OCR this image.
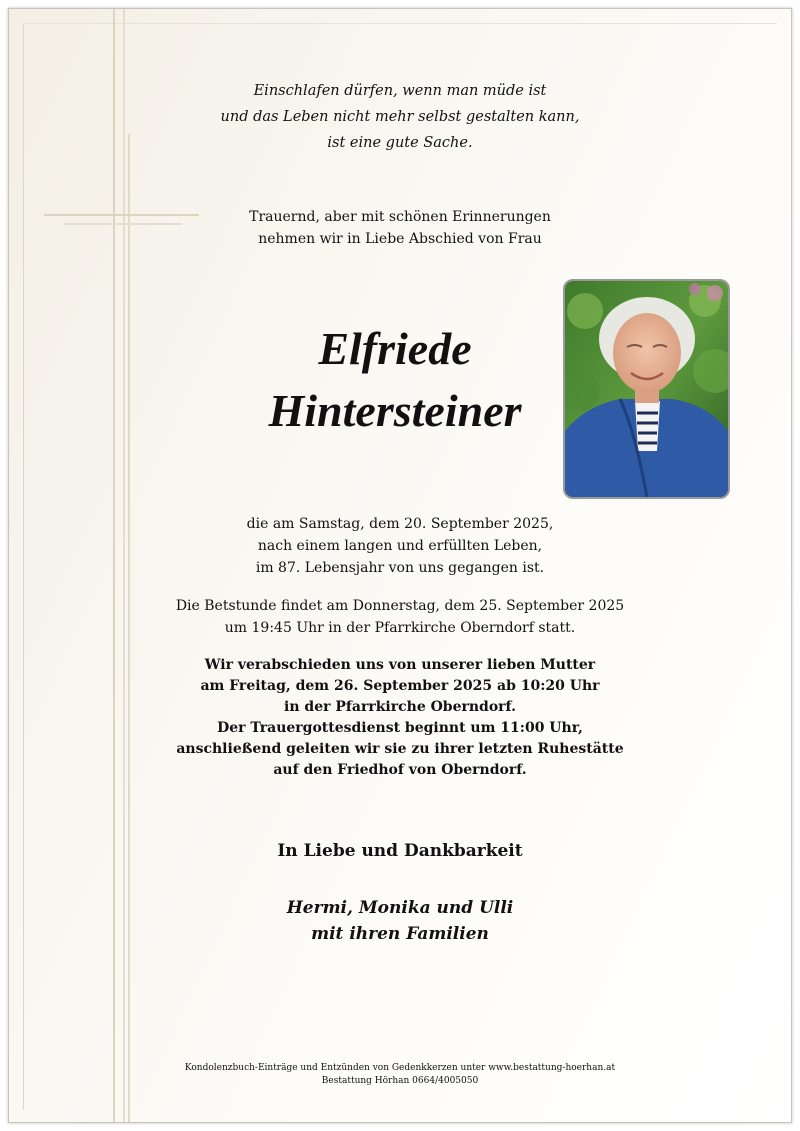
Einschlafen dürfen, wenn man müde ist
und das Leben nicht mehr selbst gestalten kann,
ist eine gute Sache.
Trauernd, aber mit schönen Erinnerungen
nehmen wir in Liebe Abschied von Frau
Elfriede
Hintersteiner
die am Samstag, dem 20. September 2025,
nach einem langen und erfüllten Leben,
im 87. Lebensjahr von uns gegangen ist.
Die Betstunde findet am Donnerstag, dem 25. September 2025
um 19:45 Uhr in der Pfarrkirche Oberndorf statt.
Wir verabschieden uns von unserer lieben Mutter
am Freitag, dem 26. September 2025 ab 10:20 Uhr
in der Pfarrkirche Oberndorf.
Der Trauergottesdienst beginnt um 11:00 Uhr,
anschließend geleiten wir sie zu ihrer letzten Ruhestätte
auf den Friedhof von Oberndorf.
In Liebe und Dankbarkeit
Hermi, Monika und Ulli
mit ihren Familien
Kondolenzbuch-Einträge und Entzünden von Gedenkkerzen unter www.bestattung-hoerhan.at
Bestattung Hörhan 0664/4005050
